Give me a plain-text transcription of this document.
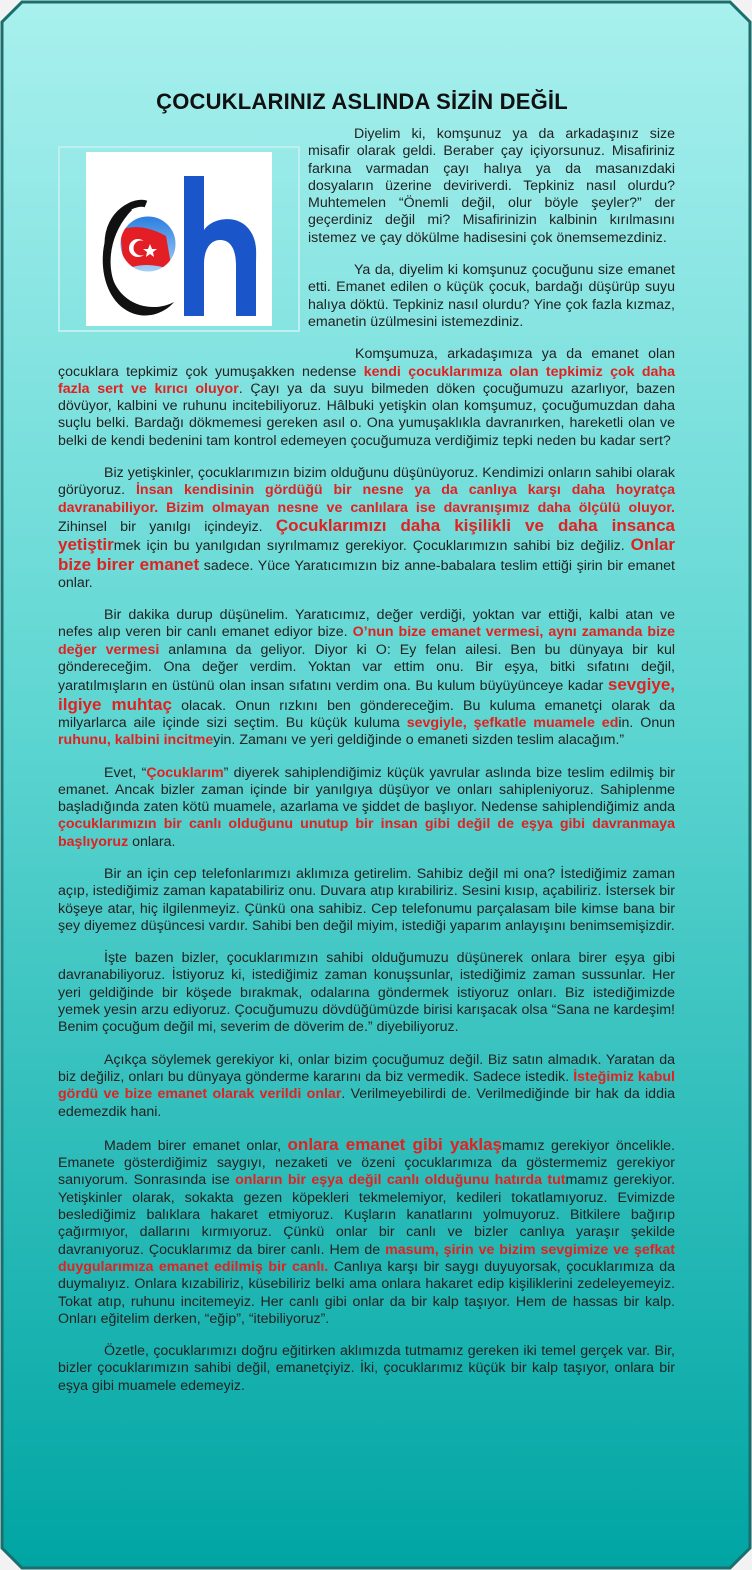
ÇOCUKLARINIZ ASLINDA SİZİN DEĞİL

Diyelim ki, komşunuz ya da arkadaşınız size misafir olarak geldi. Beraber çay içiyorsunuz. Misafiriniz farkına varmadan çayı halıya ya da masanızdaki dosyaların üzerine deviriverdi. Tepkiniz nasıl olurdu? Muhtemelen “Önemli değil, olur böyle şeyler?” der geçerdiniz değil mi? Misafirinizin kalbinin kırılmasını istemez ve çay dökülme hadisesini çok önemsemezdiniz.

Ya da, diyelim ki komşunuz çocuğunu size emanet etti. Emanet edilen o küçük çocuk, bardağı düşürüp suyu halıya döktü. Tepkiniz nasıl olurdu? Yine çok fazla kızmaz, emanetin üzülmesini istemezdiniz.

Komşumuza, arkadaşımıza ya da emanet olan çocuklara tepkimiz çok yumuşakken nedense kendi çocuklarımıza olan tepkimiz çok daha fazla sert ve kırıcı oluyor. Çayı ya da suyu bilmeden döken çocuğumuzu azarlıyor, bazen dövüyor, kalbini ve ruhunu incitebiliyoruz. Hâlbuki yetişkin olan komşumuz, çocuğumuzdan daha suçlu belki. Bardağı dökmemesi gereken asıl o. Ona yumuşaklıkla davranırken, hareketli olan ve belki de kendi bedenini tam kontrol edemeyen çocuğumuza verdiğimiz tepki neden bu kadar sert?

Biz yetişkinler, çocuklarımızın bizim olduğunu düşünüyoruz. Kendimizi onların sahibi olarak görüyoruz. İnsan kendisinin gördüğü bir nesne ya da canlıya karşı daha hoyratça davranabiliyor. Bizim olmayan nesne ve canlılara ise davranışımız daha ölçülü oluyor. Zihinsel bir yanılgı içindeyiz. Çocuklarımızı daha kişilikli ve daha insanca yetiştirmek için bu yanılgıdan sıyrılmamız gerekiyor. Çocuklarımızın sahibi biz değiliz. Onlar bize birer emanet sadece. Yüce Yaratıcımızın biz anne-babalara teslim ettiği şirin bir emanet onlar.

Bir dakika durup düşünelim. Yaratıcımız, değer verdiği, yoktan var ettiği, kalbi atan ve nefes alıp veren bir canlı emanet ediyor bize. O’nun bize emanet vermesi, aynı zamanda bize değer vermesi anlamına da geliyor. Diyor ki O: Ey felan ailesi. Ben bu dünyaya bir kul göndereceğim. Ona değer verdim. Yoktan var ettim onu. Bir eşya, bitki sıfatını değil, yaratılmışların en üstünü olan insan sıfatını verdim ona. Bu kulum büyüyünceye kadar sevgiye, ilgiye muhtaç olacak. Onun rızkını ben göndereceğim. Bu kuluma emanetçi olarak da milyarlarca aile içinde sizi seçtim. Bu küçük kuluma sevgiyle, şefkatle muamele edin. Onun ruhunu, kalbini incitmeyin. Zamanı ve yeri geldiğinde o emaneti sizden teslim alacağım.”

Evet, “Çocuklarım” diyerek sahiplendiğimiz küçük yavrular aslında bize teslim edilmiş bir emanet. Ancak bizler zaman içinde bir yanılgıya düşüyor ve onları sahipleniyoruz. Sahiplenme başladığında zaten kötü muamele, azarlama ve şiddet de başlıyor. Nedense sahiplendiğimiz anda çocuklarımızın bir canlı olduğunu unutup bir insan gibi değil de eşya gibi davranmaya başlıyoruz onlara.

Bir an için cep telefonlarımızı aklımıza getirelim. Sahibiz değil mi ona? İstediğimiz zaman açıp, istediğimiz zaman kapatabiliriz onu. Duvara atıp kırabiliriz. Sesini kısıp, açabiliriz. İstersek bir köşeye atar, hiç ilgilenmeyiz. Çünkü ona sahibiz. Cep telefonumu parçalasam bile kimse bana bir şey diyemez düşüncesi vardır. Sahibi ben değil miyim, istediği yaparım anlayışını benimsemişizdir.

İşte bazen bizler, çocuklarımızın sahibi olduğumuzu düşünerek onlara birer eşya gibi davranabiliyoruz. İstiyoruz ki, istediğimiz zaman konuşsunlar, istediğimiz zaman sussunlar. Her yeri geldiğinde bir köşede bırakmak, odalarına göndermek istiyoruz onları. Biz istediğimizde yemek yesin arzu ediyoruz. Çocuğumuzu dövdüğümüzde birisi karışacak olsa “Sana ne kardeşim! Benim çocuğum değil mi, severim de döverim de.” diyebiliyoruz.

Açıkça söylemek gerekiyor ki, onlar bizim çocuğumuz değil. Biz satın almadık. Yaratan da biz değiliz, onları bu dünyaya gönderme kararını da biz vermedik. Sadece istedik. İsteğimiz kabul gördü ve bize emanet olarak verildi onlar. Verilmeyebilirdi de. Verilmediğinde bir hak da iddia edemezdik hani.

Madem birer emanet onlar, onlara emanet gibi yaklaşmamız gerekiyor öncelikle. Emanete gösterdiğimiz saygıyı, nezaketi ve özeni çocuklarımıza da göstermemiz gerekiyor sanıyorum. Sonrasında ise onların bir eşya değil canlı olduğunu hatırda tutmamız gerekiyor. Yetişkinler olarak, sokakta gezen köpekleri tekmelemiyor, kedileri tokatlamıyoruz. Evimizde beslediğimiz balıklara hakaret etmiyoruz. Kuşların kanatlarını yolmuyoruz. Bitkilere bağırıp çağırmıyor, dallarını kırmıyoruz. Çünkü onlar bir canlı ve bizler canlıya yaraşır şekilde davranıyoruz. Çocuklarımız da birer canlı. Hem de masum, şirin ve bizim sevgimize ve şefkat duygularımıza emanet edilmiş bir canlı. Canlıya karşı bir saygı duyuyorsak, çocuklarımıza da duymalıyız. Onlara kızabiliriz, küsebiliriz belki ama onlara hakaret edip kişiliklerini zedeleyemeyiz. Tokat atıp, ruhunu incitemeyiz. Her canlı gibi onlar da bir kalp taşıyor. Hem de hassas bir kalp. Onları eğitelim derken, “eğip”, “itebiliyoruz”.

Özetle, çocuklarımızı doğru eğitirken aklımızda tutmamız gereken iki temel gerçek var. Bir, bizler çocuklarımızın sahibi değil, emanetçiyiz. İki, çocuklarımız küçük bir kalp taşıyor, onlara bir eşya gibi muamele edemeyiz.
